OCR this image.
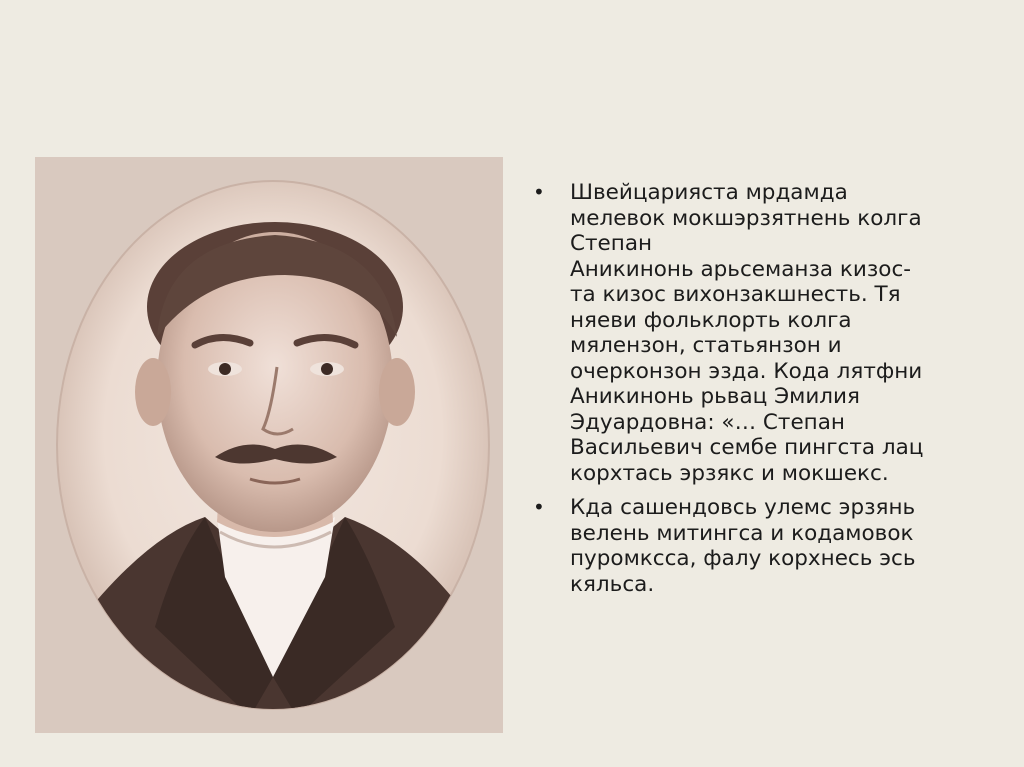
• Швейцарияста мрдамда
мелевок мокшэрзятнень колга
Степан
Аникинонь арьсеманза кизос-
та кизос вихонзакшнесть. Тя
няеви фольклорть колга
мялензон, статьянзон и
очерконзон эзда. Кода лятфни
Аникинонь рьвац Эмилия
Эдуардовна: «… Степан
Васильевич сембе пингста лац
корхтась эрзякс и мокшекс.
• Кда сашендовсь улемс эрзянь
велень митингса и кодамовок
пуромксса, фалу корхнесь эсь
кяльса.
